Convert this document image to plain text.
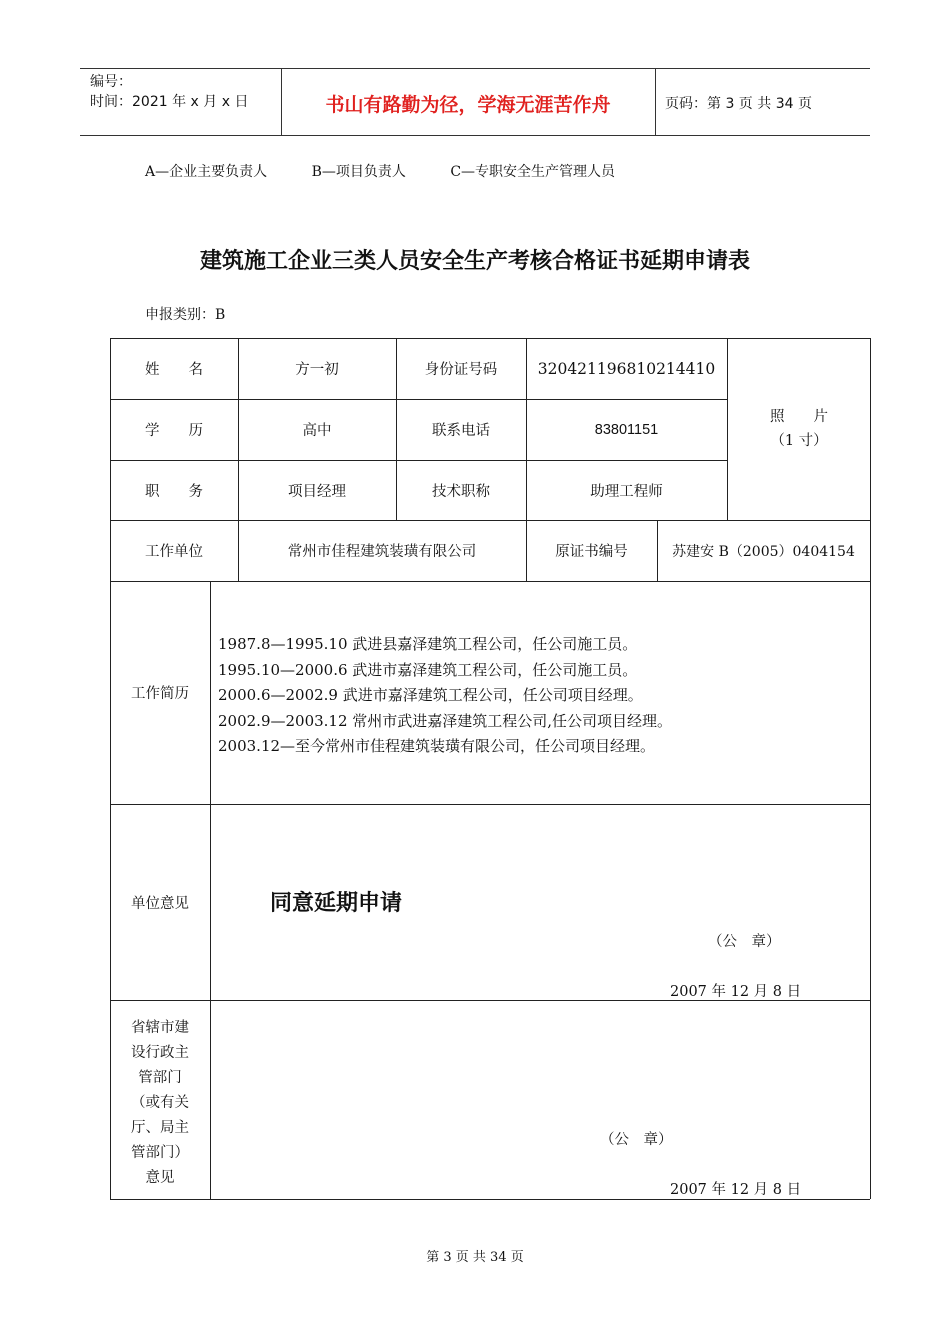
编号：
时间：2021 年 x 月 x 日	书山有路勤为径，学海无涯苦作舟	页码：第 3 页 共 34 页
A—企业主要负责人	B—项目负责人	C—专职安全生产管理人员
建筑施工企业三类人员安全生产考核合格证书延期申请表
申报类别：B
姓　　名	方一初	身份证号码	320421196810214410
学　　历	高中	联系电话	83801151
照　　片
（1 寸）
职　　务	项目经理	技术职称	助理工程师
工作单位	常州市佳程建筑装璜有限公司	原证书编号	苏建安 B（2005）0404154
工作简历
1987.8—1995.10 武进县嘉泽建筑工程公司，任公司施工员。
1995.10—2000.6 武进市嘉泽建筑工程公司，任公司施工员。
2000.6—2002.9 武进市嘉泽建筑工程公司，任公司项目经理。
2002.9—2003.12 常州市武进嘉泽建筑工程公司,任公司项目经理。
2003.12—至今常州市佳程建筑装璜有限公司，任公司项目经理。
单位意见	同意延期申请
（公　章）
2007 年 12 月 8 日
省辖市建
设行政主
管部门
（或有关
厅、局主
管部门）
意见
（公　章）
2007 年 12 月 8 日
第 3 页 共 34 页
